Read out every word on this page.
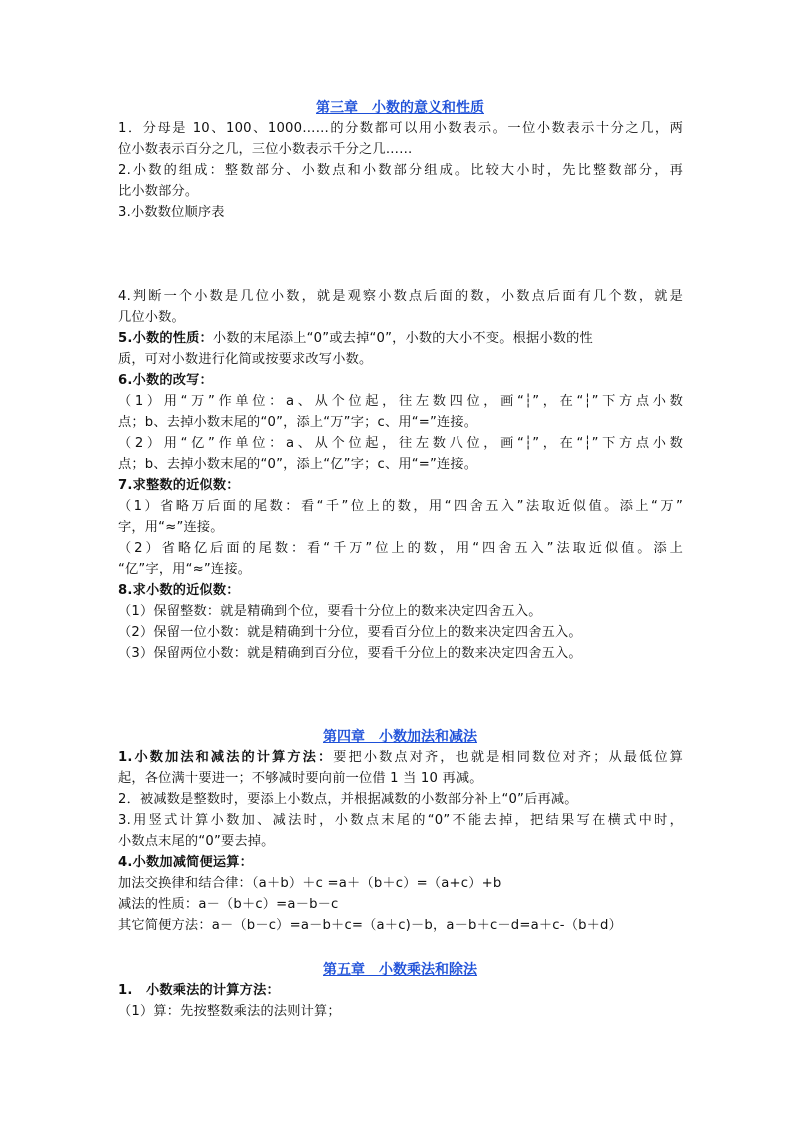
第三章　小数的意义和性质
1．分母是 10、100、1000……的分数都可以用小数表示。一位小数表示十分之几，两
位小数表示百分之几，三位小数表示千分之几……
2.小数的组成：整数部分、小数点和小数部分组成。比较大小时，先比整数部分，再
比小数部分。
3.小数数位顺序表
4.判断一个小数是几位小数，就是观察小数点后面的数，小数点后面有几个数，就是
几位小数。
5.小数的性质：小数的末尾添上“0”或去掉“0”，小数的大小不变。根据小数的性
质，可对小数进行化简或按要求改写小数。
6.小数的改写：
（1）用“万”作单位：a、从个位起，往左数四位，画“┆”，在“┆”下方点小数
点；b、去掉小数末尾的“0”，添上“万”字；c、用“=”连接。
（2）用“亿”作单位：a、从个位起，往左数八位，画“┆”，在“┆”下方点小数
点；b、去掉小数末尾的“0”，添上“亿”字；c、用“=”连接。
7.求整数的近似数：
（1）省略万后面的尾数：看“千”位上的数，用“四舍五入”法取近似值。添上“万”
字，用“≈”连接。
（2）省略亿后面的尾数：看“千万”位上的数，用“四舍五入”法取近似值。添上
“亿”字，用“≈”连接。
8.求小数的近似数：
（1）保留整数：就是精确到个位，要看十分位上的数来决定四舍五入。
（2）保留一位小数：就是精确到十分位，要看百分位上的数来决定四舍五入。
（3）保留两位小数：就是精确到百分位，要看千分位上的数来决定四舍五入。
第四章　小数加法和减法
1.小数加法和减法的计算方法：要把小数点对齐，也就是相同数位对齐；从最低位算
起，各位满十要进一；不够减时要向前一位借 1 当 10 再减。
2．被减数是整数时，要添上小数点，并根据减数的小数部分补上“0”后再减。
3.用竖式计算小数加、减法时，小数点末尾的“0”不能去掉，把结果写在横式中时，
小数点末尾的“0”要去掉。
4.小数加减简便运算：
加法交换律和结合律：（a＋b）＋c =a＋（b＋c）=（a+c）+b
减法的性质：a－（b＋c）=a－b－c
其它简便方法：a－（b－c）=a－b＋c=（a＋c)－b，a－b＋c－d=a＋c-（b＋d）
第五章　小数乘法和除法
1.　小数乘法的计算方法：
（1）算：先按整数乘法的法则计算；
